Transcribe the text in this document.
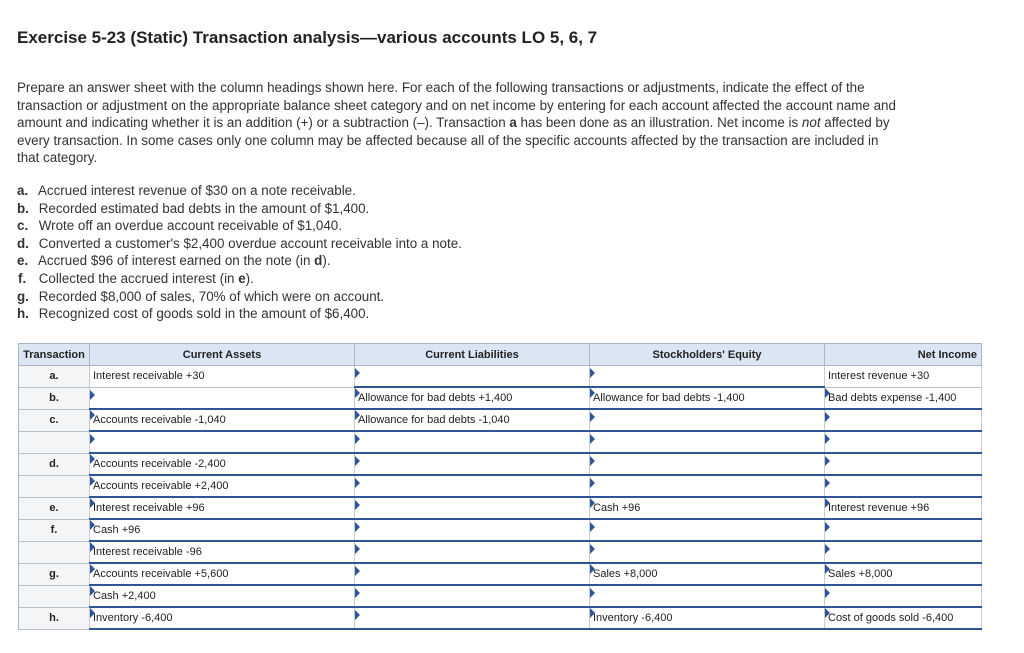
Exercise 5-23 (Static) Transaction analysis—various accounts LO 5, 6, 7

Prepare an answer sheet with the column headings shown here. For each of the following transactions or adjustments, indicate the effect of the transaction or adjustment on the appropriate balance sheet category and on net income by entering for each account affected the account name and amount and indicating whether it is an addition (+) or a subtraction (–). Transaction a has been done as an illustration. Net income is not affected by every transaction. In some cases only one column may be affected because all of the specific accounts affected by the transaction are included in that category.

a. Accrued interest revenue of $30 on a note receivable.
b. Recorded estimated bad debts in the amount of $1,400.
c. Wrote off an overdue account receivable of $1,040.
d. Converted a customer's $2,400 overdue account receivable into a note.
e. Accrued $96 of interest earned on the note (in d).
f. Collected the accrued interest (in e).
g. Recorded $8,000 of sales, 70% of which were on account.
h. Recognized cost of goods sold in the amount of $6,400.
Transaction	Current Assets	Current Liabilities	Stockholders' Equity	Net Income
a.	Interest receivable +30			Interest revenue +30
b.		Allowance for bad debts +1,400	Allowance for bad debts -1,400	Bad debts expense -1,400
c.	Accounts receivable -1,040	Allowance for bad debts -1,040		

d.	Accounts receivable -2,400			
	Accounts receivable +2,400			
e.	Interest receivable +96		Cash +96	Interest revenue +96
f.	Cash +96			
	Interest receivable -96			
g.	Accounts receivable +5,600		Sales +8,000	Sales +8,000
	Cash +2,400			
h.	Inventory -6,400		Inventory -6,400	Cost of goods sold -6,400
